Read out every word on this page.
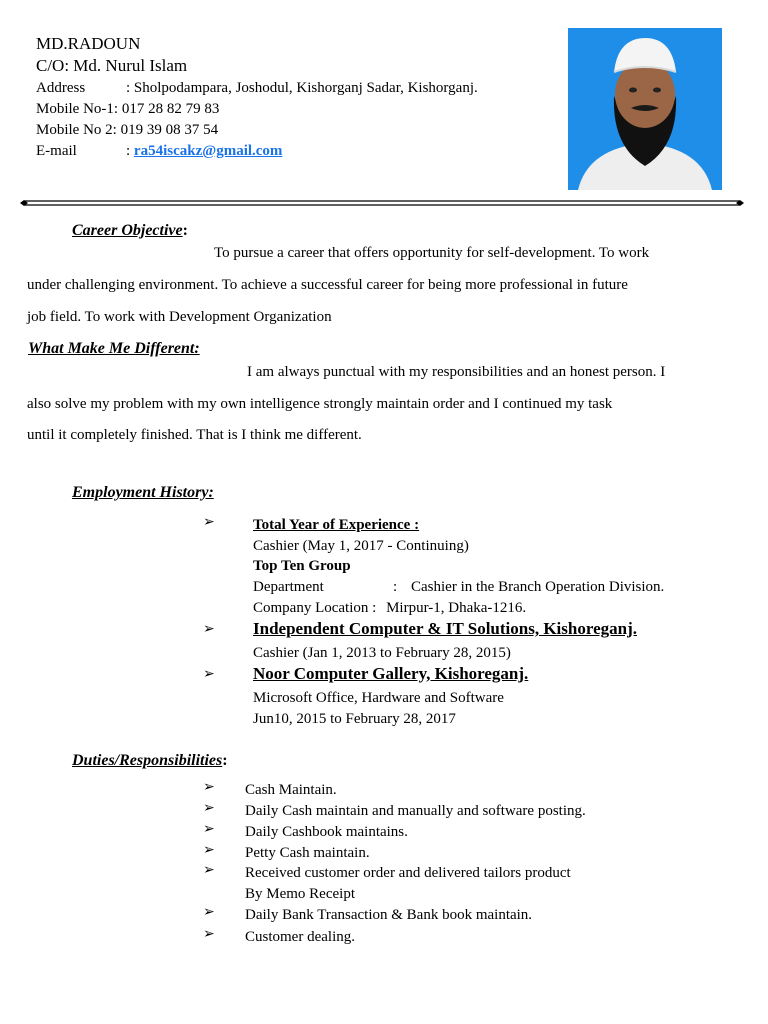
MD.RADOUN
C/O: Md. Nurul Islam
Address	: Sholpodampara, Joshodul, Kishorganj Sadar, Kishorganj.
Mobile No-1: 017 28 82 79 83
Mobile No 2: 019 39 08 37 54
E-mail	: ra54iscakz@gmail.com
Career Objective:
To pursue a career that offers opportunity for self-development. To work
under challenging environment. To achieve a successful career for being more professional in future
job field. To work with Development Organization
What Make Me Different:
I am always punctual with my responsibilities and an honest person. I
also solve my problem with my own intelligence strongly maintain order and I continued my task
until it completely finished. That is I think me different.
Employment History:
➢	Total Year of Experience :
Cashier (May 1, 2017 - Continuing)
Top Ten Group
Department	: Cashier in the Branch Operation Division.
Company Location : Mirpur-1, Dhaka-1216.
➢ Independent Computer & IT Solutions, Kishoreganj.
Cashier (Jan 1, 2013 to February 28, 2015)
➢ Noor Computer Gallery, Kishoreganj.
Microsoft Office, Hardware and Software
Jun10, 2015 to February 28, 2017
Duties/Responsibilities:
➢ Cash Maintain.
➢ Daily Cash maintain and manually and software posting.
➢ Daily Cashbook maintains.
➢ Petty Cash maintain.
➢ Received customer order and delivered tailors product
By Memo Receipt
➢ Daily Bank Transaction & Bank book maintain.
➢ Customer dealing.
